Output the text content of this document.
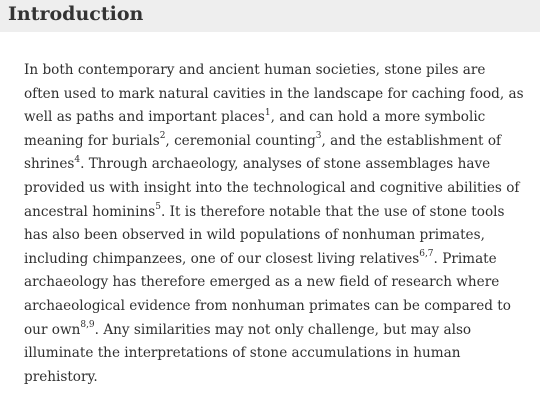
Introduction

In both contemporary and ancient human societies, stone piles are
often used to mark natural cavities in the landscape for caching food, as
well as paths and important places$^1$, and can hold a more symbolic
meaning for burials$^2$, ceremonial counting$^3$, and the establishment of
shrines$^4$. Through archaeology, analyses of stone assemblages have
provided us with insight into the technological and cognitive abilities of
ancestral hominins$^5$. It is therefore notable that the use of stone tools
has also been observed in wild populations of nonhuman primates,
including chimpanzees, one of our closest living relatives$^{6,7}$. Primate
archaeology has therefore emerged as a new field of research where
archaeological evidence from nonhuman primates can be compared to
our own$^{8,9}$. Any similarities may not only challenge, but may also
illuminate the interpretations of stone accumulations in human
prehistory.
